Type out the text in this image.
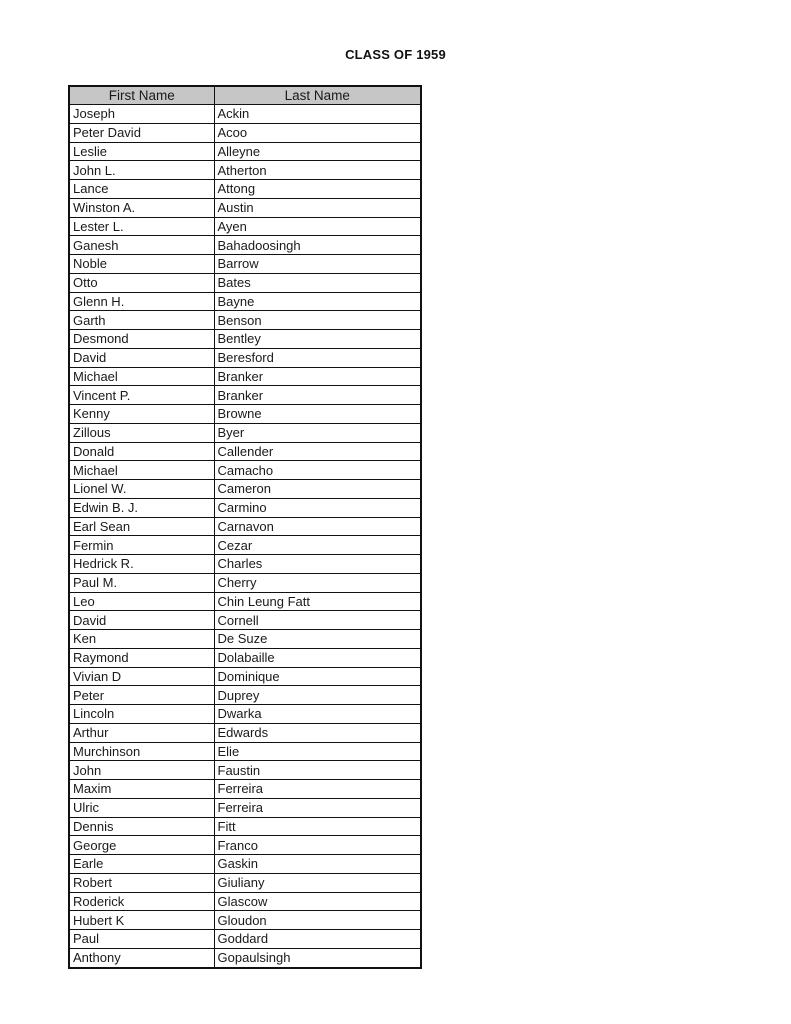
CLASS OF 1959
First Name	Last Name
Joseph	Ackin
Peter David	Acoo
Leslie	Alleyne
John L.	Atherton
Lance	Attong
Winston A.	Austin
Lester L.	Ayen
Ganesh	Bahadoosingh
Noble	Barrow
Otto	Bates
Glenn H.	Bayne
Garth	Benson
Desmond	Bentley
David	Beresford
Michael	Branker
Vincent P.	Branker
Kenny	Browne
Zillous	Byer
Donald	Callender
Michael	Camacho
Lionel W.	Cameron
Edwin B. J.	Carmino
Earl Sean	Carnavon
Fermin	Cezar
Hedrick R.	Charles
Paul M.	Cherry
Leo	Chin Leung Fatt
David	Cornell
Ken	De Suze
Raymond	Dolabaille
Vivian D	Dominique
Peter	Duprey
Lincoln	Dwarka
Arthur	Edwards
Murchinson	Elie
John	Faustin
Maxim	Ferreira
Ulric	Ferreira
Dennis	Fitt
George	Franco
Earle	Gaskin
Robert	Giuliany
Roderick	Glascow
Hubert K	Gloudon
Paul	Goddard
Anthony	Gopaulsingh
